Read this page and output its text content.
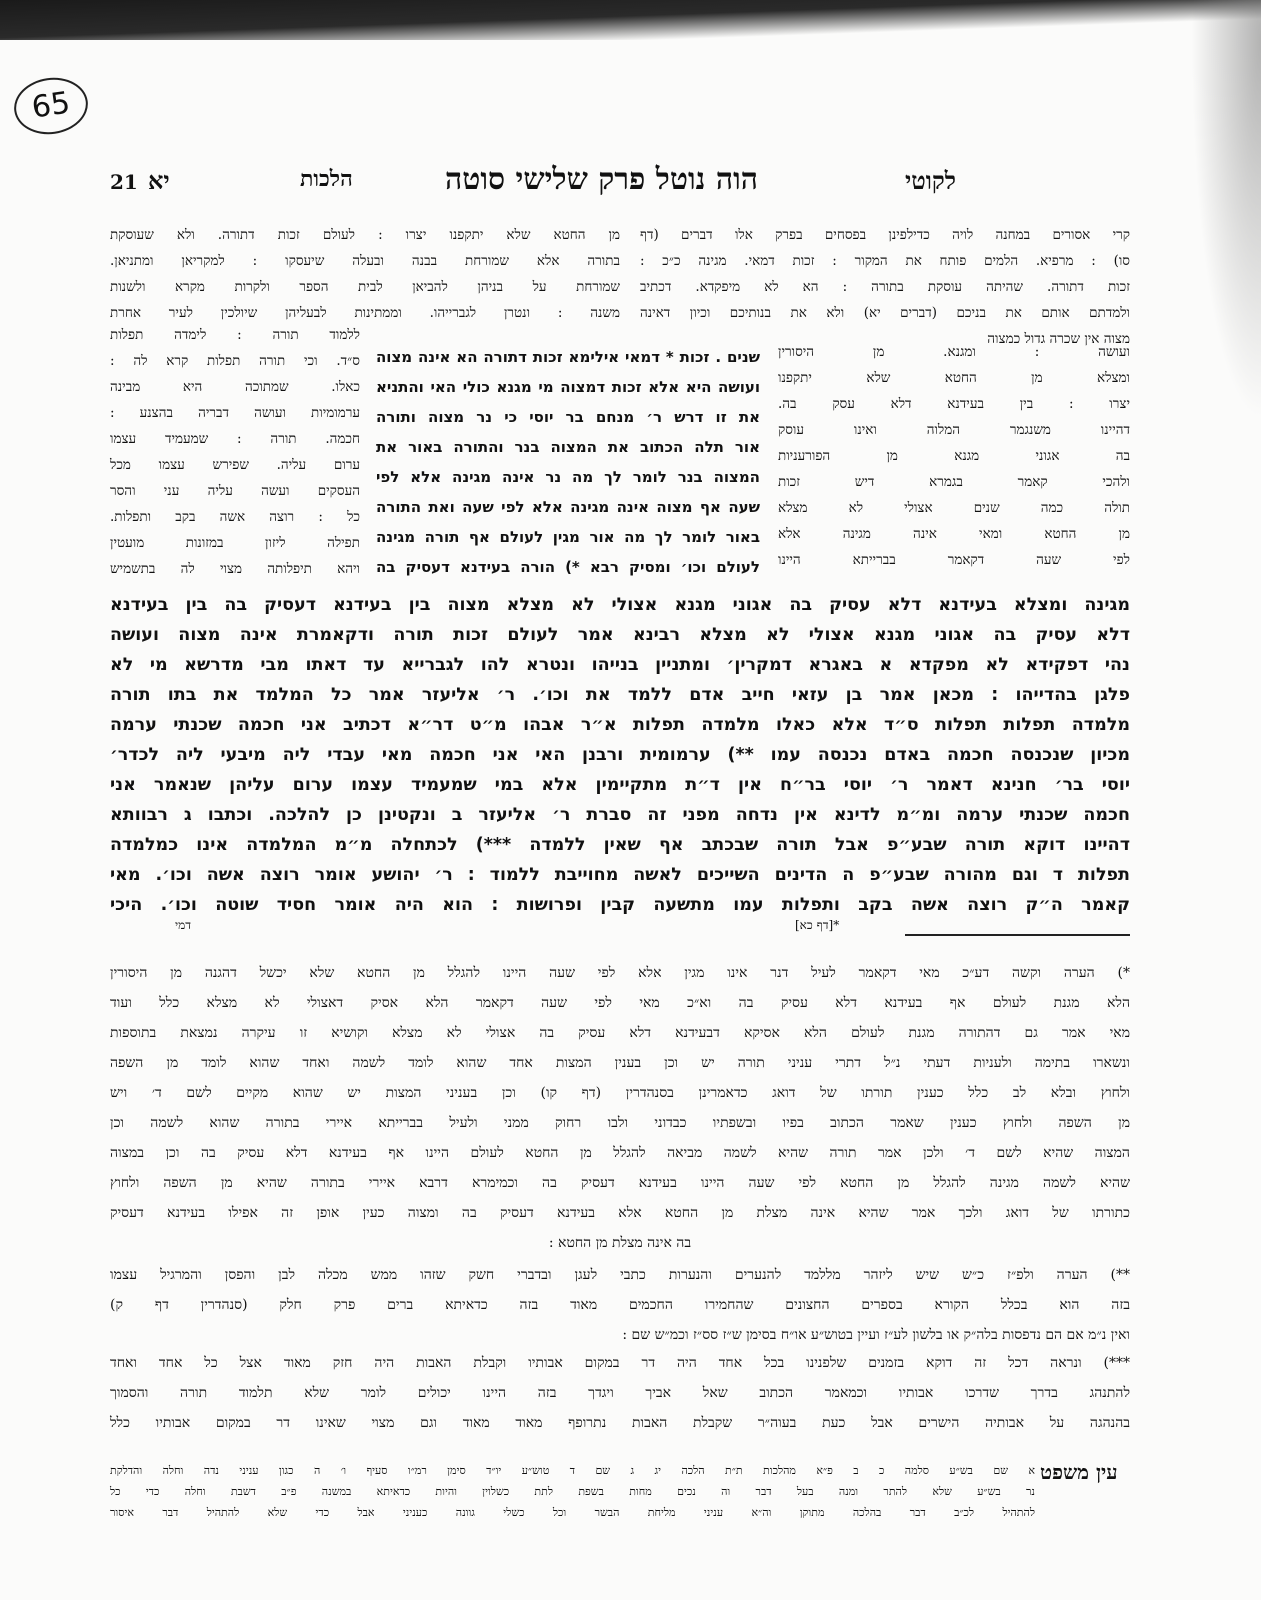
65
לקוטי
הוה נוטל פרק שלישי סוטה
הלכות
יא
21
קרי אסורים במחנה לויה כדילפינן בפסחים בפרק אלו דברים (דף
סו) : מרפיא. הלמים פותח את המקור : זכות דמאי. מגינה כ״כ :
זכות דתורה. שהיתה עוסקת בתורה : הא לא מיפקדא. דכתיב
ולמדתם אותם את בניכם (דברים יא) ולא את בנותיכם וכיון דאינה
מצוה אין שכרה גדול כמצוה
ועושה : ומגנא. מן היסורין
ומצלא מן החטא שלא יתקפנו
יצרו : בין בעידנא דלא עסק בה.
דהיינו משנגמר המלוה ואינו עוסק
בה אגוני מגנא מן הפורעניות
ולהכי קאמר בגמרא דיש זכות
תולה כמה שנים אצולי לא מצלא
מן החטא ומאי אינה מגינה אלא
לפי שעה דקאמר בברייתא היינו
מן החטא שלא יתקפנו יצרו : לעולם זכות דתורה. ולא שעוסקת
בתורה אלא שמורחת בבנה ובעלה שיעסקו : למקריאן ומתניאן.
שמורחת על בניהן להביאן לבית הספר ולקרות מקרא ולשנות
משנה : ונטרן לגברייהו. וממתינות לבעליהן שיולכין לעיר אחרת
ללמוד תורה : לימדה תפלות
ס״ד. וכי תורה תפלות קרא לה :
כאלו. שמתוכה היא מבינה
ערמומיות ועושה דבריה בהצנע :
חכמה. תורה : שמעמיד עצמו
ערום עליה. שפירש עצמו מכל
העסקים ועשה עליה עני והסר
כל : רוצה אשה בקב ותפלות.
תפילה ליזון במזונות מועטין
ויהא תיפלותה מצוי לה בתשמיש
שנים . זכות * דמאי אילימא זכות דתורה הא אינה מצוה
ועושה היא אלא זכות דמצוה מי מגנא כולי האי והתניא
את זו דרש ר׳ מנחם בר יוסי כי נר מצוה ותורה
אור תלה הכתוב את המצוה בנר והתורה באור את
המצוה בנר לומר לך מה נר אינה מגינה אלא לפי
שעה אף מצוה אינה מגינה אלא לפי שעה ואת התורה
באור לומר לך מה אור מגין לעולם אף תורה מגינה
לעולם וכו׳ ומסיק רבא *) הורה בעידנא דעסיק בה
מגינה ומצלא בעידנא דלא עסיק בה אגוני מגנא אצולי לא מצלא מצוה בין בעידנא דעסיק בה בין בעידנא
דלא עסיק בה אגוני מגנא אצולי לא מצלא רבינא אמר לעולם זכות תורה ודקאמרת אינה מצוה ועושה
נהי דפקידא לא מפקדא א באגרא דמקרין׳ ומתניין בנייהו ונטרא להו לגברייא עד דאתו מבי מדרשא מי לא
פלגן בהדייהו : מכאן אמר בן עזאי חייב אדם ללמד את וכו׳. ר׳ אליעזר אמר כל המלמד את בתו תורה
מלמדה תפלות תפלות ס״ד אלא כאלו מלמדה תפלות א״ר אבהו מ״ט דר״א דכתיב אני חכמה שכנתי ערמה
מכיון שנכנסה חכמה באדם נכנסה עמו **) ערמומית ורבנן האי אני חכמה מאי עבדי ליה מיבעי ליה לכדר׳
יוסי בר׳ חנינא דאמר ר׳ יוסי בר״ח אין ד״ת מתקיימין אלא במי שמעמיד עצמו ערום עליהן שנאמר אני
חכמה שכנתי ערמה ומ״מ לדינא אין נדחה מפני זה סברת ר׳ אליעזר ב ונקטינן כן להלכה. וכתבו ג רבוותא
דהיינו דוקא תורה שבע״פ אבל תורה שבכתב אף שאין ללמדה ***) לכתחלה מ״מ המלמדה אינו כמלמדה
תפלות ד וגם מהורה שבע״פ ה הדינים השייכים לאשה מחוייבת ללמוד : ר׳ יהושע אומר רוצה אשה וכו׳. מאי
קאמר ה״ק רוצה אשה בקב ותפלות עמו מתשעה קבין ופרושות : הוא היה אומר חסיד שוטה וכו׳. היכי
דמי	*[דף כא]
*) הערה וקשה דע״כ מאי דקאמר לעיל דנר אינו מגין אלא לפי שעה היינו להגלל מן החטא שלא יכשל דהגנה מן היסורין
הלא מגנת לעולם אף בעידנא דלא עסיק בה וא״כ מאי לפי שעה דקאמר הלא אסיק דאצולי לא מצלא כלל ועוד
מאי אמר גם דהתורה מגנת לעולם הלא אסיקא דבעידנא דלא עסיק בה אצולי לא מצלא וקושיא זו עיקרה נמצאת בתוספות
ונשארו בתימה ולעניות דעתי נ״ל דתרי עניני תורה יש וכן בענין המצות אחד שהוא לומד לשמה ואחד שהוא לומד מן השפה
ולחוץ ובלא לב כלל כענין תורתו של דואג כדאמרינן בסנהדרין (דף קו) וכן בעניני המצות יש שהוא מקיים לשם ד׳ ויש
מן השפה ולחוץ כענין שאמר הכתוב בפיו ובשפתיו כבדוני ולבו רחוק ממני ולעיל בברייתא איירי בתורה שהוא לשמה וכן
המצוה שהיא לשם ד׳ ולכן אמר תורה שהיא לשמה מביאה להגלל מן החטא לעולם היינו אף בעידנא דלא עסיק בה וכן במצוה
שהיא לשמה מגינה להגלל מן החטא לפי שעה היינו בעידנא דעסיק בה וכמימרא דרבא איירי בתורה שהיא מן השפה ולחוץ
כתורתו של דואג ולכך אמר שהיא אינה מצלת מן החטא אלא בעידנא דעסיק בה ומצוה כעין אופן זה אפילו בעידנא דעסיק
בה אינה מצלת מן החטא :
**) הערה ולפ״ז כ״ש שיש ליזהר מללמד להנערים והנערות כתבי לעגן ובדברי חשק שזהו ממש מכלה לבן והפסן והמרגיל עצמו
בזה הוא בכלל הקורא בספרים החצונים שהחמירו החכמים מאוד בזה כדאיתא ברים פרק חלק (סנהדרין דף ק)
ואין נ״מ אם הם נדפסות בלה״ק או בלשון לע״ז ועיין בטוש״ע או״ח בסימן ש״ז סס״ז וכמ״ש שם :
***) ונראה דכל זה דוקא בזמנים שלפנינו בכל אחד היה דר במקום אבותיו וקבלת האבות היה חזק מאוד אצל כל אחד ואחד
להתנהג בדרך שדרכו אבותיו וכמאמר הכתוב שאל אביך ויגדך בזה היינו יכולים לומר שלא תלמוד תורה והסמוך
בהנהגה על אבותיה הישרים אבל כעת בעוה״ר שקבלת האבות נתרופף מאוד מאוד וגם מצוי שאינו דר במקום אבותיו כלל
עין משפט
א שם בש״ע סלמה כ ב פ״א מהלכות ת״ת הלכה יג ג שם ד טוש״ע יו״ד סימן רמ״ו סעיף ו׳ ה כגון עניני נדה וחלה והדלקת
נר בש״ע שלא להתר ומנה בעל דבר וה נכים מחות בשפת לתת כשלוין והיות כדאיתא במשנה פ״ב דשבת וחלה כדי כל
להתהיל לכ״ב דבר בהלכה מתוקן וה״א עניני מליחת הבשר וכל כשלי גוונה כעניני אבל כדי שלא להתהיל דבר איסור
